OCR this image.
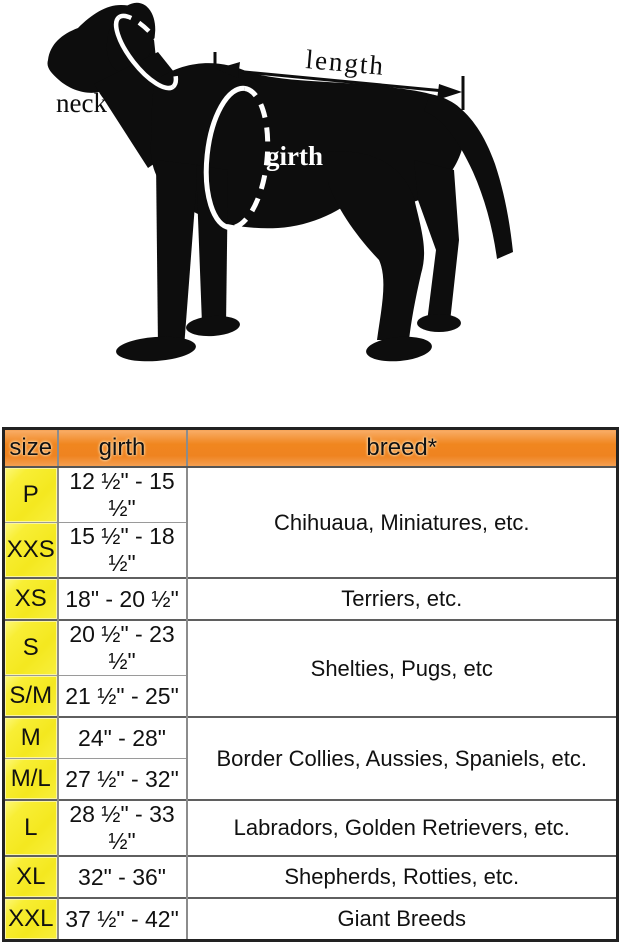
neck
length
girth
size	girth	breed*
P	12 ½" - 15 ½"	Chihuaua, Miniatures, etc.
XXS	15 ½" - 18 ½"	
XS	18" - 20 ½"	Terriers, etc.
S	20 ½" - 23 ½"	Shelties, Pugs, etc
S/M	21 ½" - 25"	
M	24" - 28"	Border Collies, Aussies, Spaniels, etc.
M/L	27 ½" - 32"	
L	28 ½" - 33 ½"	Labradors, Golden Retrievers, etc.
XL	32" - 36"	Shepherds, Rotties, etc.
XXL	37 ½" - 42"	Giant Breeds
